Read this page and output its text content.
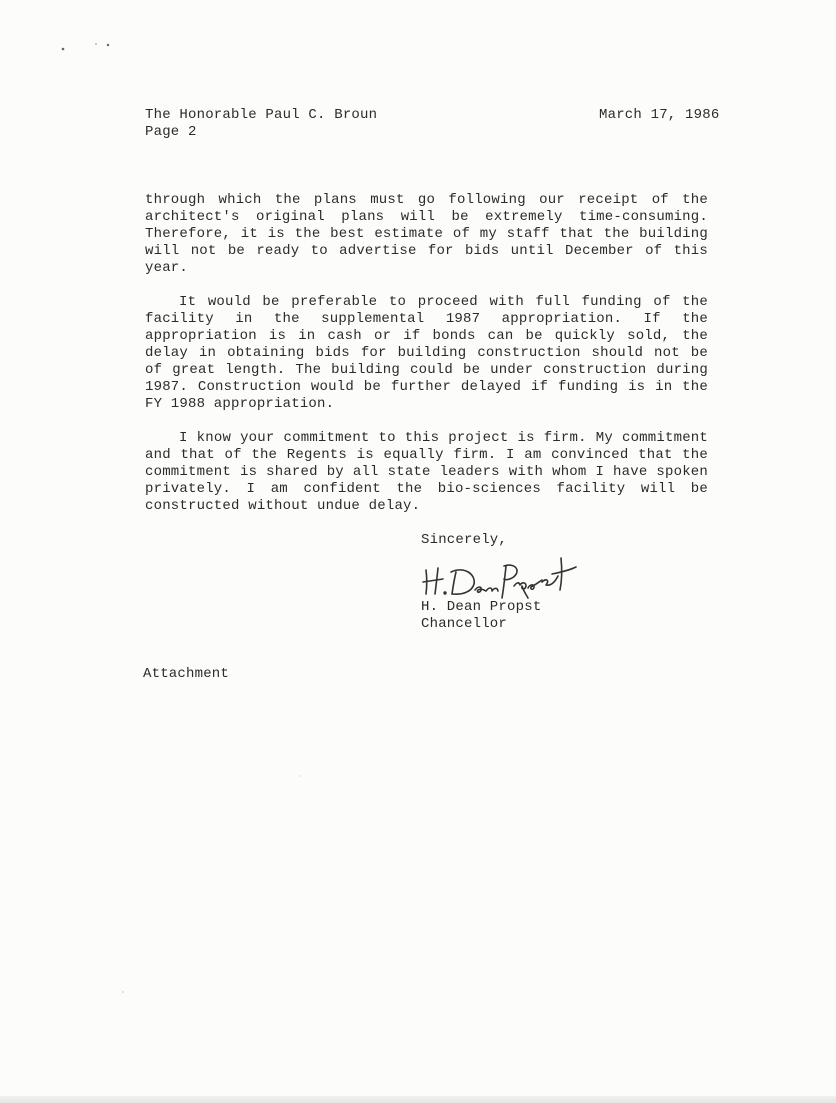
The Honorable Paul C. Broun
Page 2
March 17, 1986

through which the plans must go following our receipt of the architect's original plans will be extremely time-consuming. Therefore, it is the best estimate of my staff that the building will not be ready to advertise for bids until December of this year.

It would be preferable to proceed with full funding of the facility in the supplemental 1987 appropriation. If the appropriation is in cash or if bonds can be quickly sold, the delay in obtaining bids for building construction should not be of great length. The building could be under construction during 1987. Construction would be further delayed if funding is in the FY 1988 appropriation.

I know your commitment to this project is firm. My commitment and that of the Regents is equally firm. I am convinced that the commitment is shared by all state leaders with whom I have spoken privately. I am confident the bio-sciences facility will be constructed without undue delay.

Sincerely,
H. Dean Propst
Chancellor
Attachment
